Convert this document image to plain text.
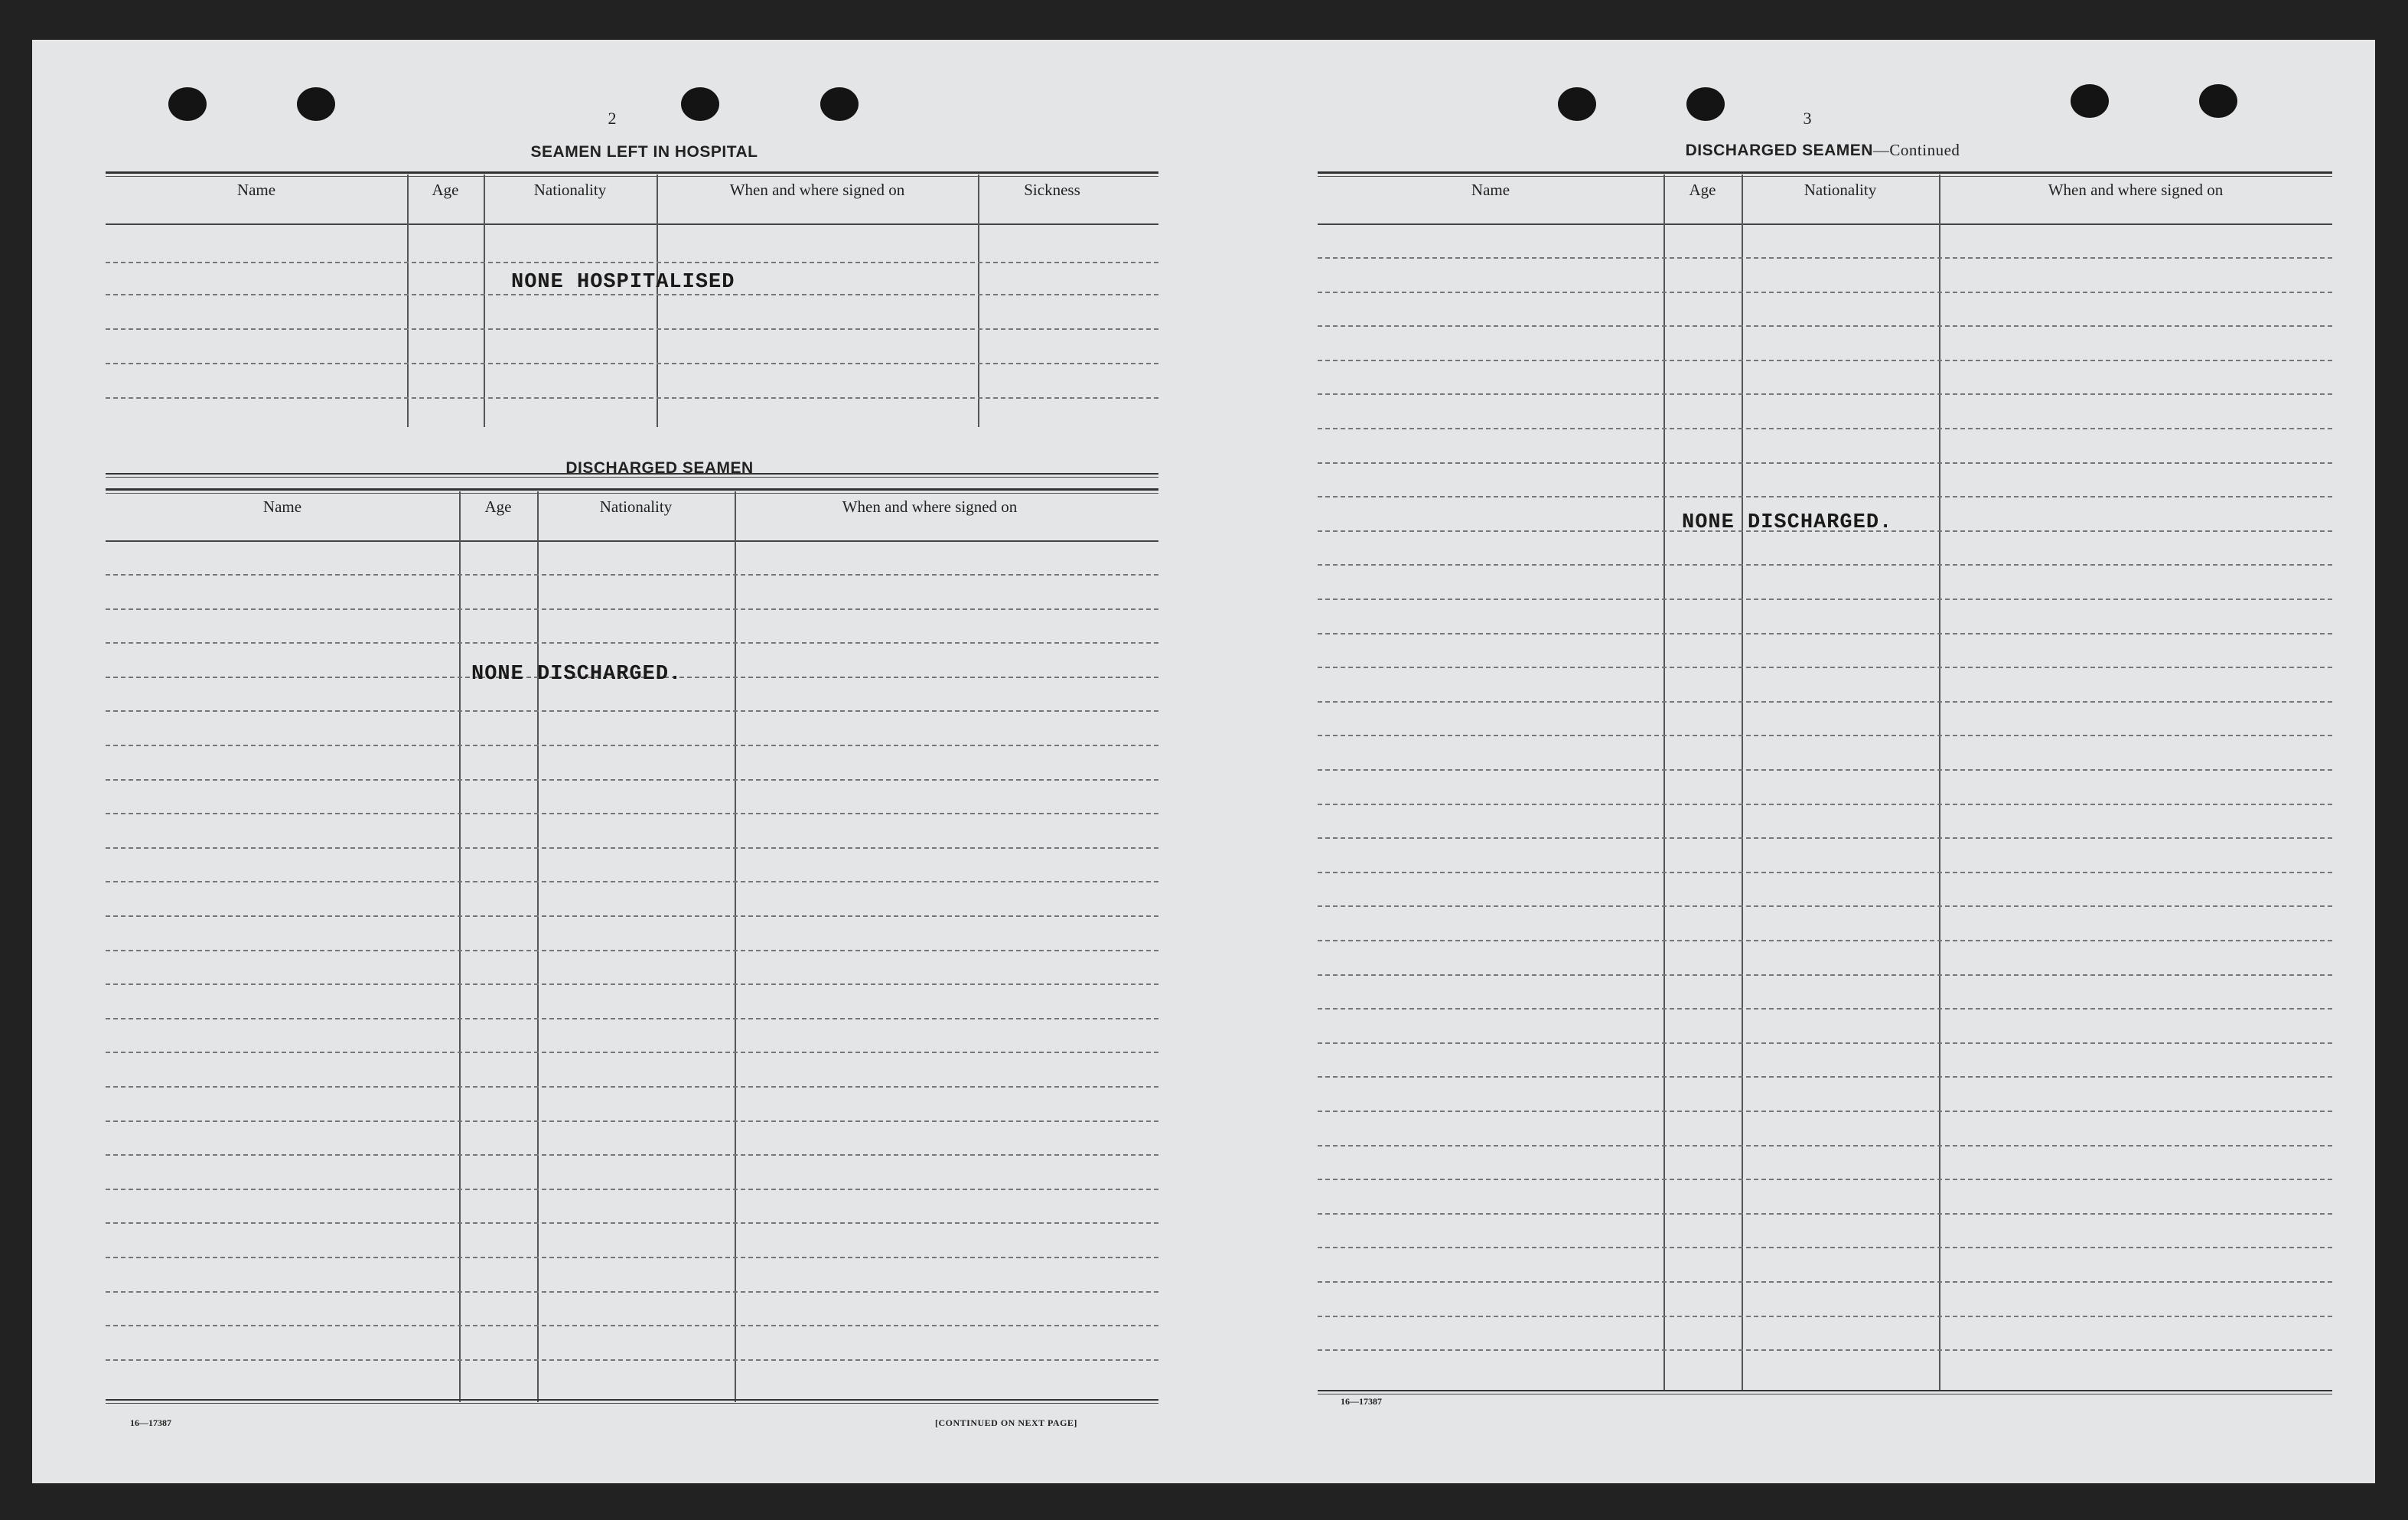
2
SEAMEN LEFT IN HOSPITAL
Name	Age	Nationality	When and where signed on	Sickness
NONE HOSPITALISED
DISCHARGED SEAMEN
Name	Age	Nationality	When and where signed on
NONE DISCHARGED.
16—17387	[CONTINUED ON NEXT PAGE]
3
DISCHARGED SEAMEN—Continued
Name	Age	Nationality	When and where signed on
NONE DISCHARGED.
16—17387
